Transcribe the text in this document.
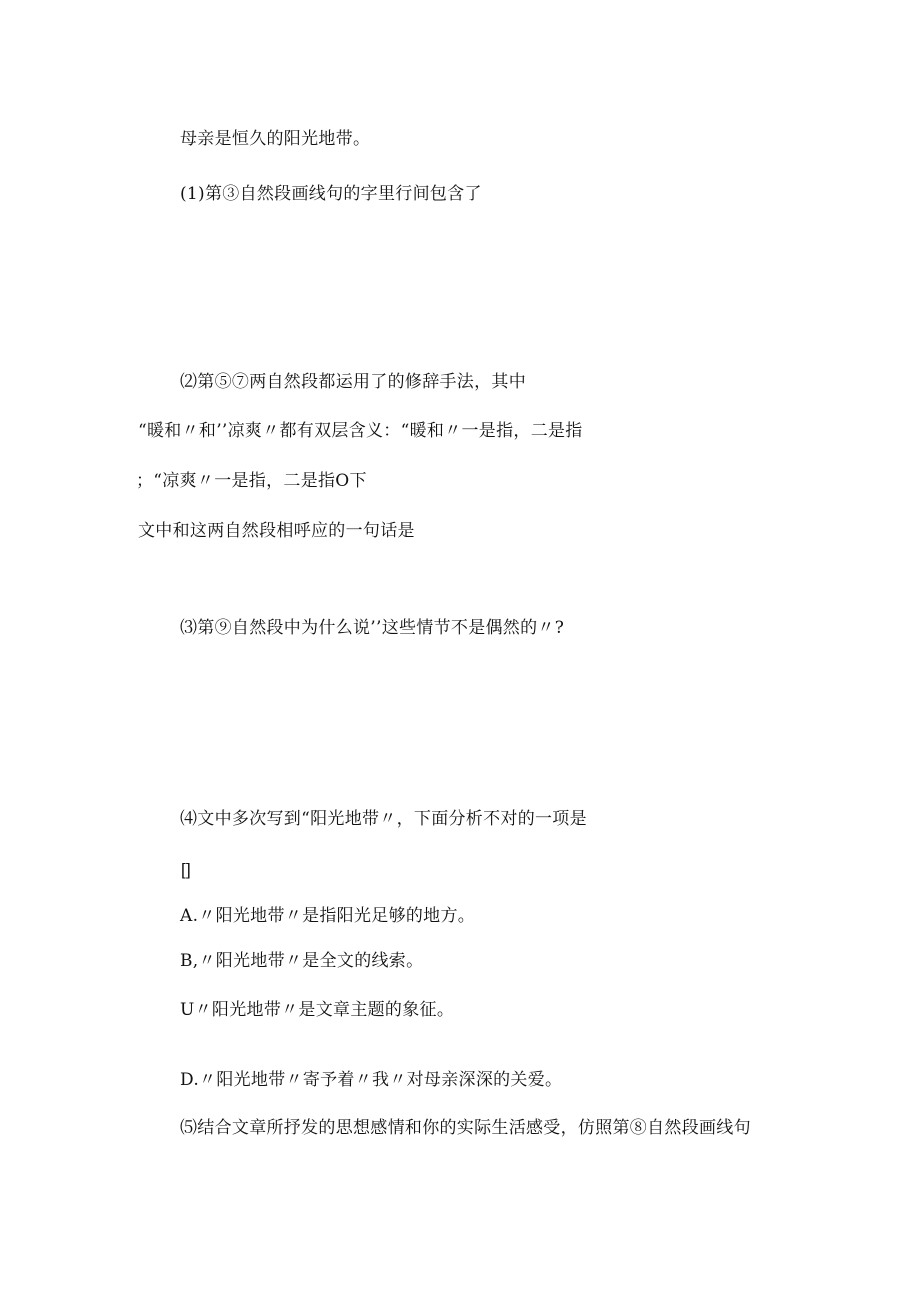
母亲是恒久的阳光地带。
(1)第③自然段画线句的字里行间包含了
⑵第⑤⑦两自然段都运用了的修辞手法，其中
“暖和〃和’’凉爽〃都有双层含义：“暖和〃一是指，二是指
；“凉爽〃一是指，二是指O下
文中和这两自然段相呼应的一句话是
⑶第⑨自然段中为什么说’’这些情节不是偶然的〃?
⑷文中多次写到“阳光地带〃，下面分析不对的一项是
[]
A.〃阳光地带〃是指阳光足够的地方。
B,〃阳光地带〃是全文的线索。
U〃阳光地带〃是文章主题的象征。
D.〃阳光地带〃寄予着〃我〃对母亲深深的关爱。
⑸结合文章所抒发的思想感情和你的实际生活感受，仿照第⑧自然段画线句
